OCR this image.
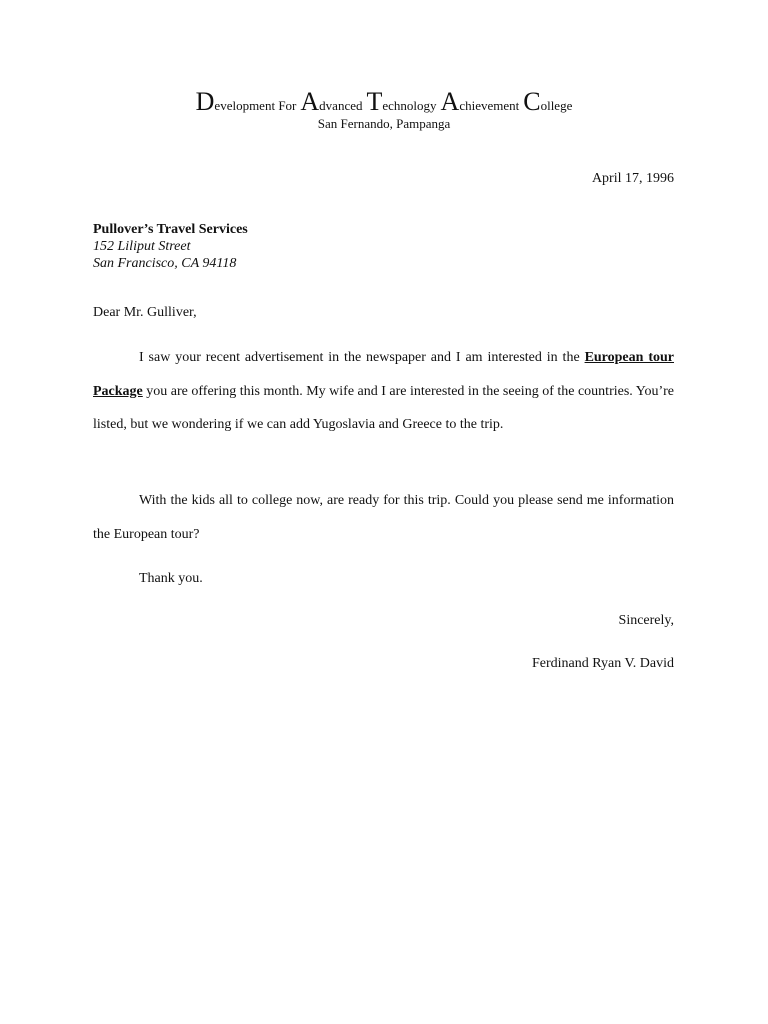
Development For Advanced Technology Achievement College
San Fernando, Pampanga
April 17, 1996
Pullover’s Travel Services
152 Liliput Street
San Francisco, CA 94118
Dear Mr. Gulliver,
I saw your recent advertisement in the newspaper and I am interested in the European tour Package you are offering this month. My wife and I are interested in the seeing of the countries. You’re listed, but we wondering if we can add Yugoslavia and Greece to the trip.
With the kids all to college now, are ready for this trip. Could you please send me information the European tour?
Thank you.
Sincerely,
Ferdinand Ryan V. David
